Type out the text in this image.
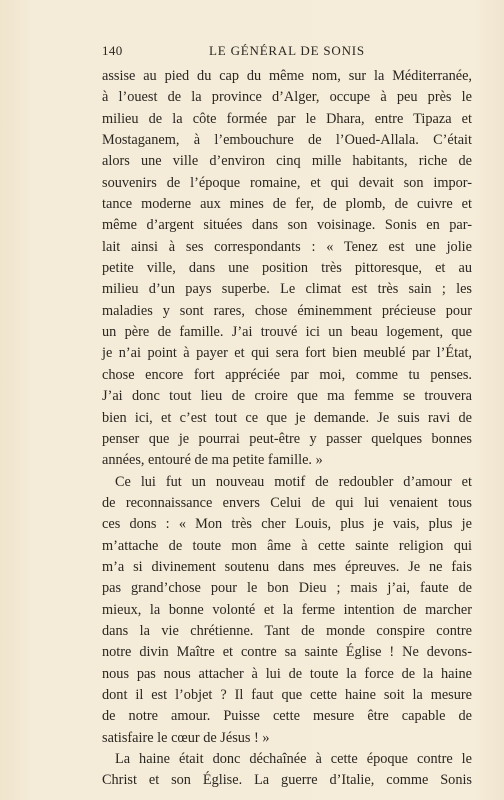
140	LE GÉNÉRAL DE SONIS
assise au pied du cap du même nom, sur la Méditerranée,
à l’ouest de la province d’Alger, occupe à peu près le
milieu de la côte formée par le Dhara, entre Tipaza et
Mostaganem, à l’embouchure de l’Oued-Allala. C’était
alors une ville d’environ cinq mille habitants, riche de
souvenirs de l’époque romaine, et qui devait son impor-
tance moderne aux mines de fer, de plomb, de cuivre et
même d’argent situées dans son voisinage. Sonis en par-
lait ainsi à ses correspondants : « Tenez est une jolie
petite ville, dans une position très pittoresque, et au
milieu d’un pays superbe. Le climat est très sain ; les
maladies y sont rares, chose éminemment précieuse pour
un père de famille. J’ai trouvé ici un beau logement, que
je n’ai point à payer et qui sera fort bien meublé par l’État,
chose encore fort appréciée par moi, comme tu penses.
J’ai donc tout lieu de croire que ma femme se trouvera
bien ici, et c’est tout ce que je demande. Je suis ravi de
penser que je pourrai peut-être y passer quelques bonnes
années, entouré de ma petite famille. »
Ce lui fut un nouveau motif de redoubler d’amour et
de reconnaissance envers Celui de qui lui venaient tous
ces dons : « Mon très cher Louis, plus je vais, plus je
m’attache de toute mon âme à cette sainte religion qui
m’a si divinement soutenu dans mes épreuves. Je ne fais
pas grand’chose pour le bon Dieu ; mais j’ai, faute de
mieux, la bonne volonté et la ferme intention de marcher
dans la vie chrétienne. Tant de monde conspire contre
notre divin Maître et contre sa sainte Église ! Ne devons-
nous pas nous attacher à lui de toute la force de la haine
dont il est l’objet ? Il faut que cette haine soit la mesure
de notre amour. Puisse cette mesure être capable de
satisfaire le cœur de Jésus ! »
La haine était donc déchaînée à cette époque contre le
Christ et son Église. La guerre d’Italie, comme Sonis
